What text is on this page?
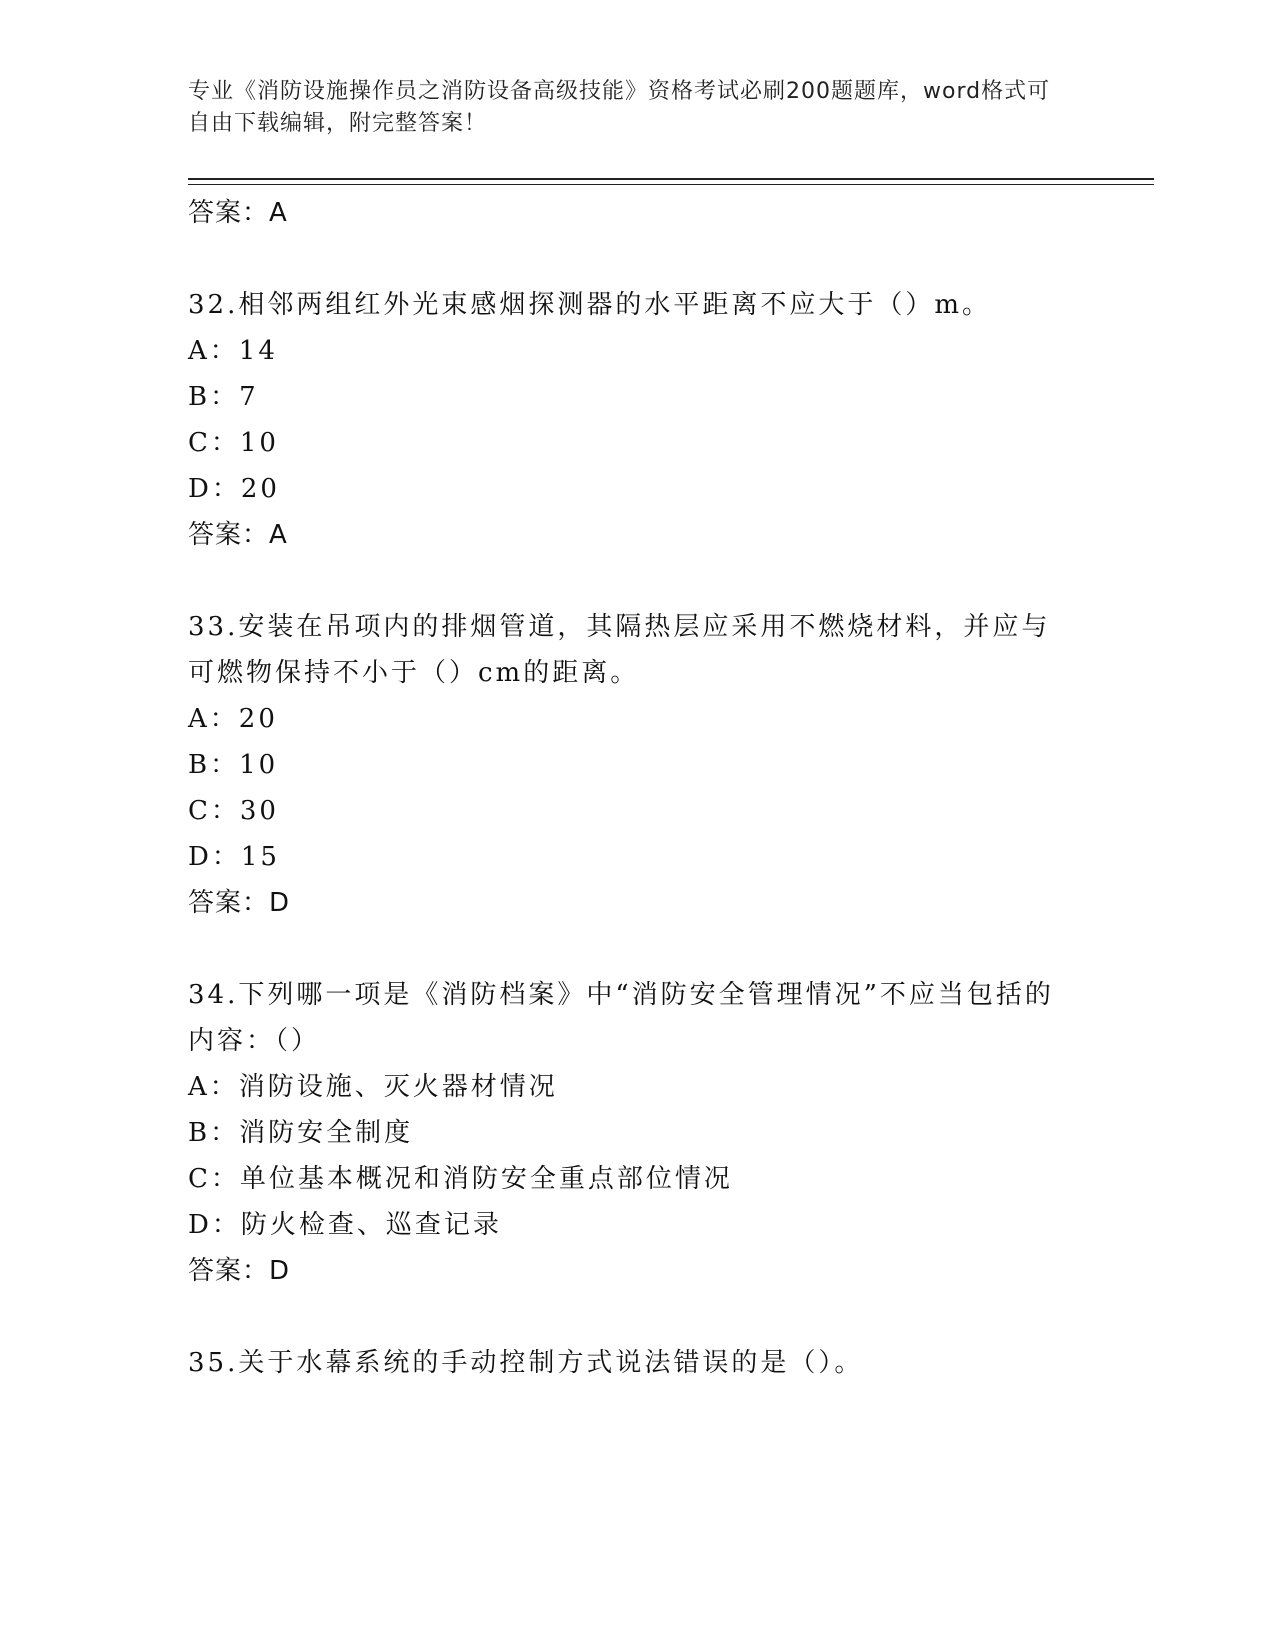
专业《消防设施操作员之消防设备高级技能》资格考试必刷200题题库，word格式可自由下载编辑，附完整答案！
答案：A
32.相邻两组红外光束感烟探测器的水平距离不应大于（）m。
A：14
B：7
C：10
D：20
答案：A
33.安装在吊项内的排烟管道，其隔热层应采用不燃烧材料，并应与可燃物保持不小于（）cm的距离。
A：20
B：10
C：30
D：15
答案：D
34.下列哪一项是《消防档案》中“消防安全管理情况”不应当包括的内容：（）
A：消防设施、灭火器材情况
B：消防安全制度
C：单位基本概况和消防安全重点部位情况
D：防火检查、巡查记录
答案：D
35.关于水幕系统的手动控制方式说法错误的是（）。
